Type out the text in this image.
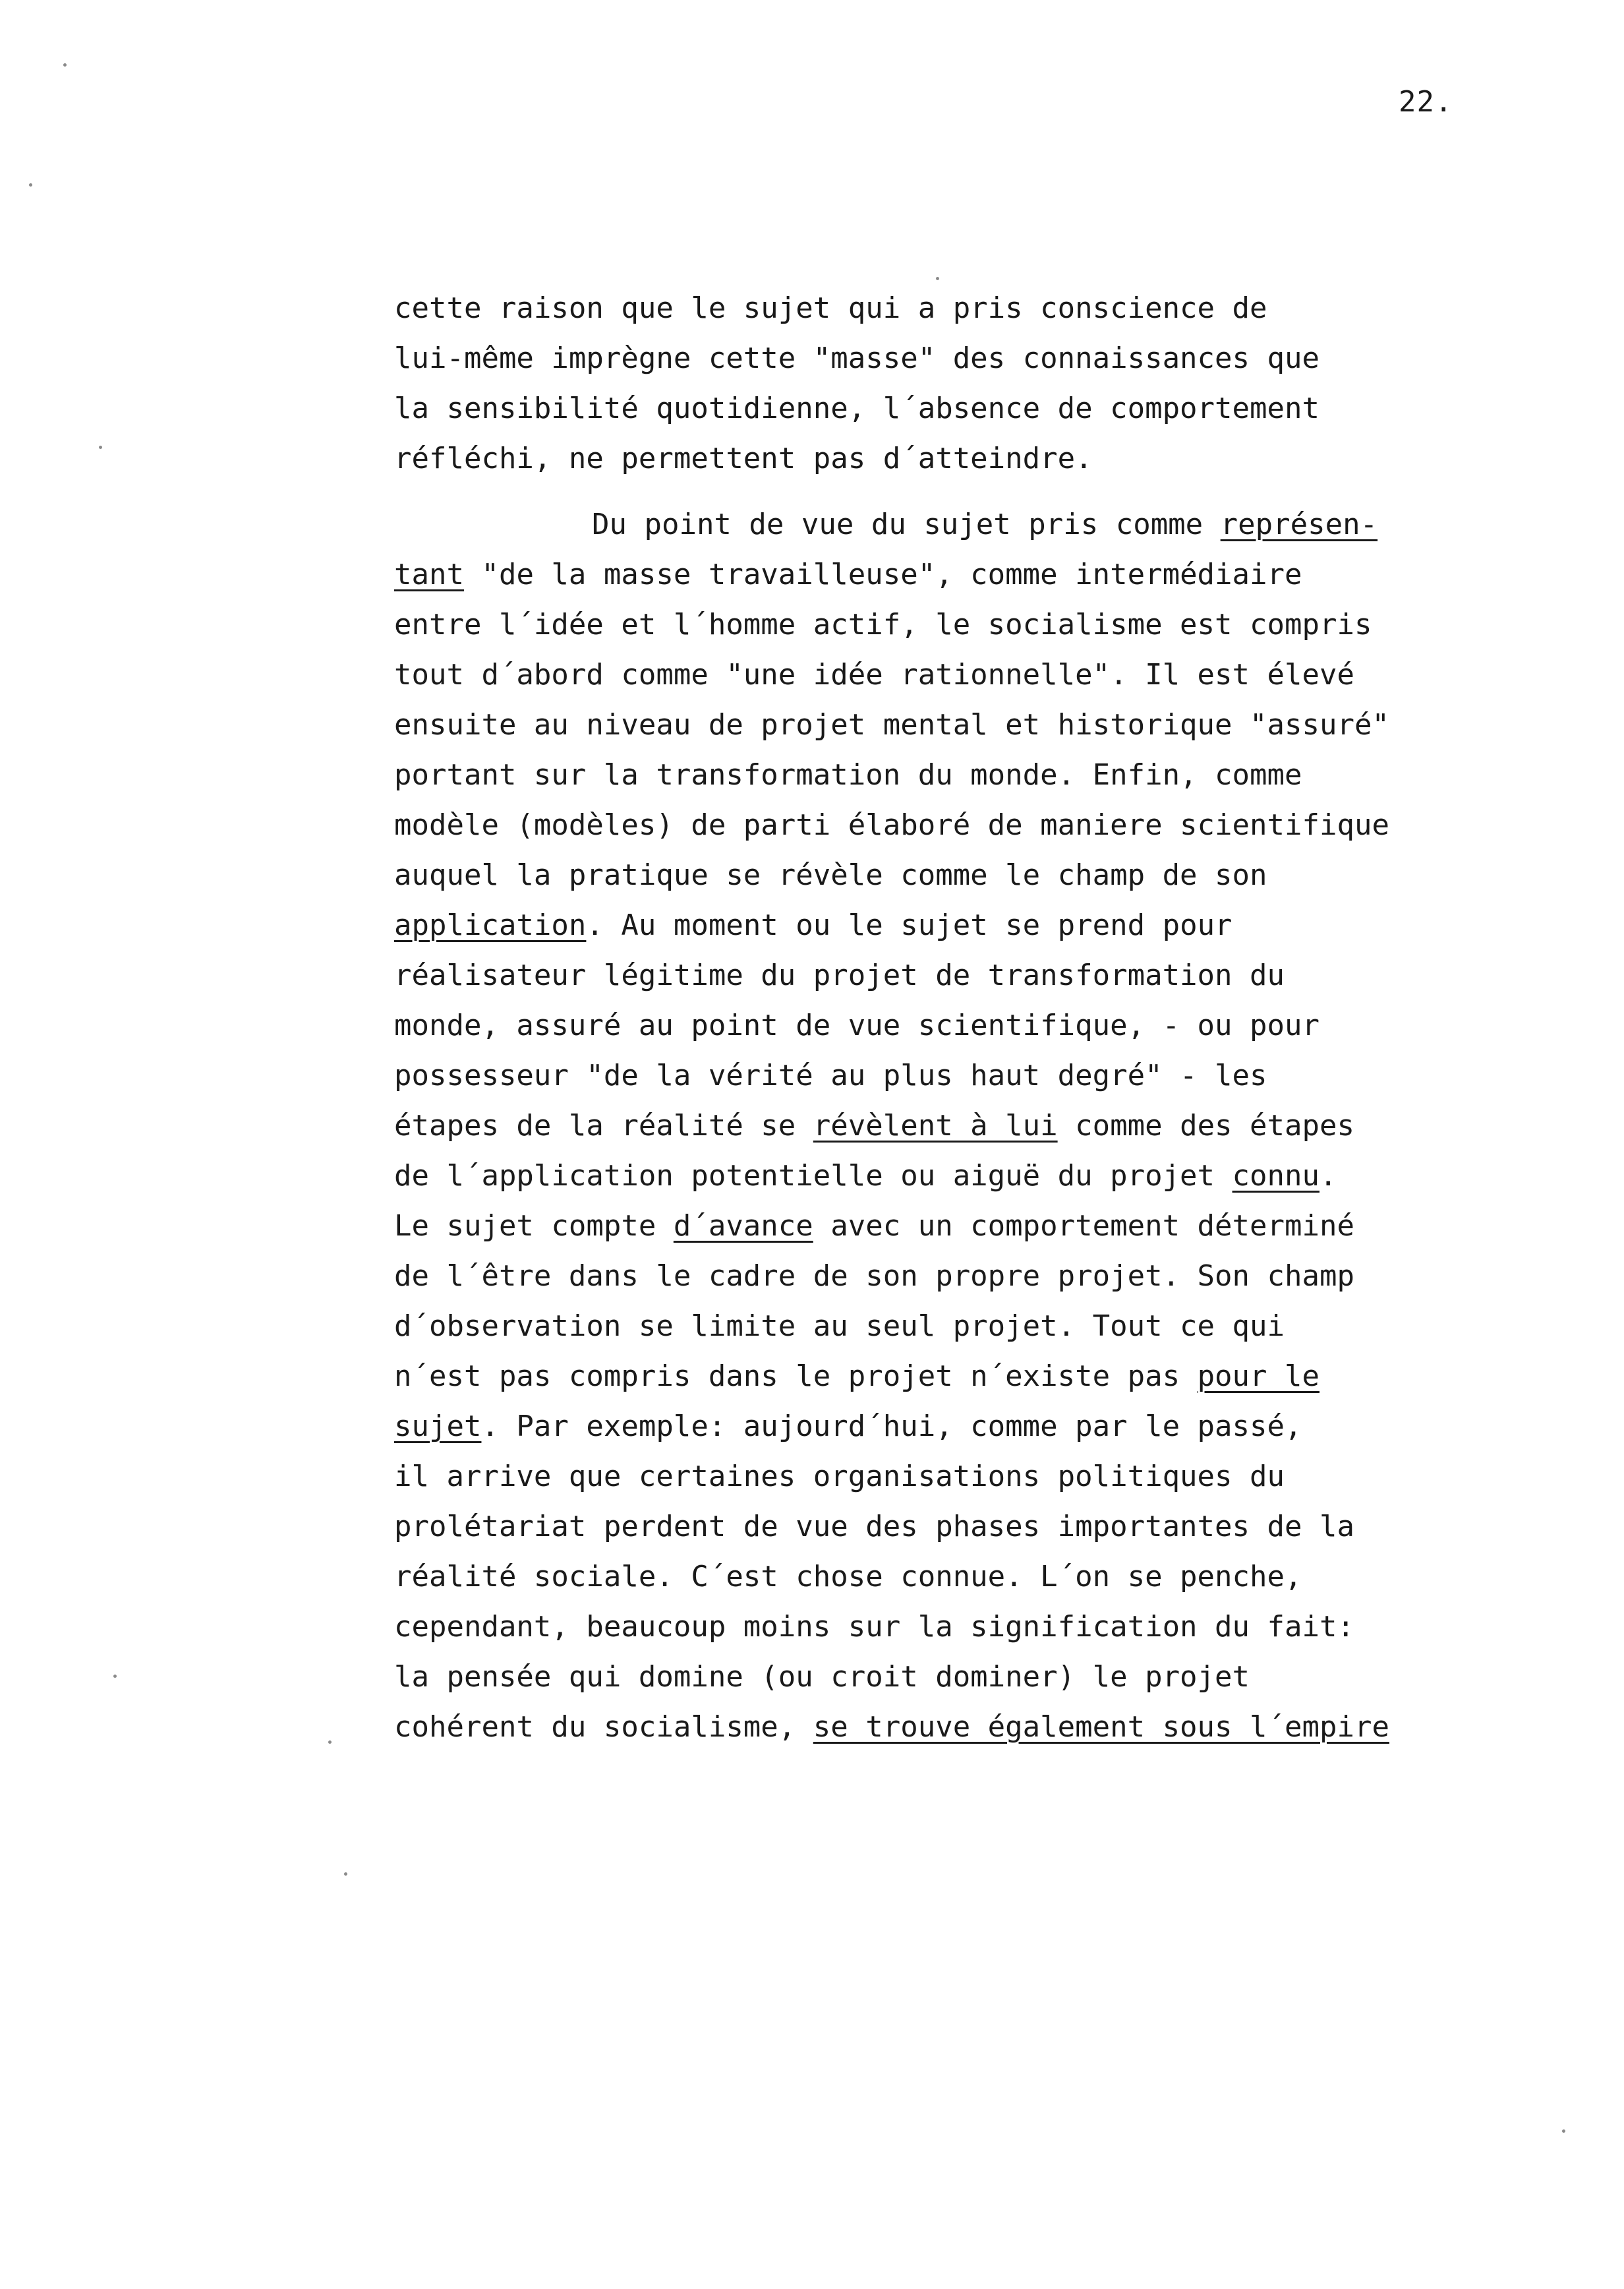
22.
cette raison que le sujet qui a pris conscience de
lui-même imprègne cette "masse" des connaissances que
la sensibilité quotidienne, l´absence de comportement
réfléchi, ne permettent pas d´atteindre.
Du point de vue du sujet pris comme représen-
tant "de la masse travailleuse", comme intermédiaire
entre l´idée et l´homme actif, le socialisme est compris
tout d´abord comme "une idée rationnelle". Il est élevé
ensuite au niveau de projet mental et historique "assuré"
portant sur la transformation du monde. Enfin, comme
modèle (modèles) de parti élaboré de maniere scientifique
auquel la pratique se révèle comme le champ de son
application. Au moment ou le sujet se prend pour
réalisateur légitime du projet de transformation du
monde, assuré au point de vue scientifique, - ou pour
possesseur "de la vérité au plus haut degré" - les
étapes de la réalité se révèlent à lui comme des étapes
de l´application potentielle ou aiguë du projet connu.
Le sujet compte d´avance avec un comportement déterminé
de l´être dans le cadre de son propre projet. Son champ
d´observation se limite au seul projet. Tout ce qui
n´est pas compris dans le projet n´existe pas pour le
sujet. Par exemple: aujourd´hui, comme par le passé,
il arrive que certaines organisations politiques du
prolétariat perdent de vue des phases importantes de la
réalité sociale. C´est chose connue. L´on se penche,
cependant, beaucoup moins sur la signification du fait:
la pensée qui domine (ou croit dominer) le projet
cohérent du socialisme, se trouve également sous l´empire
